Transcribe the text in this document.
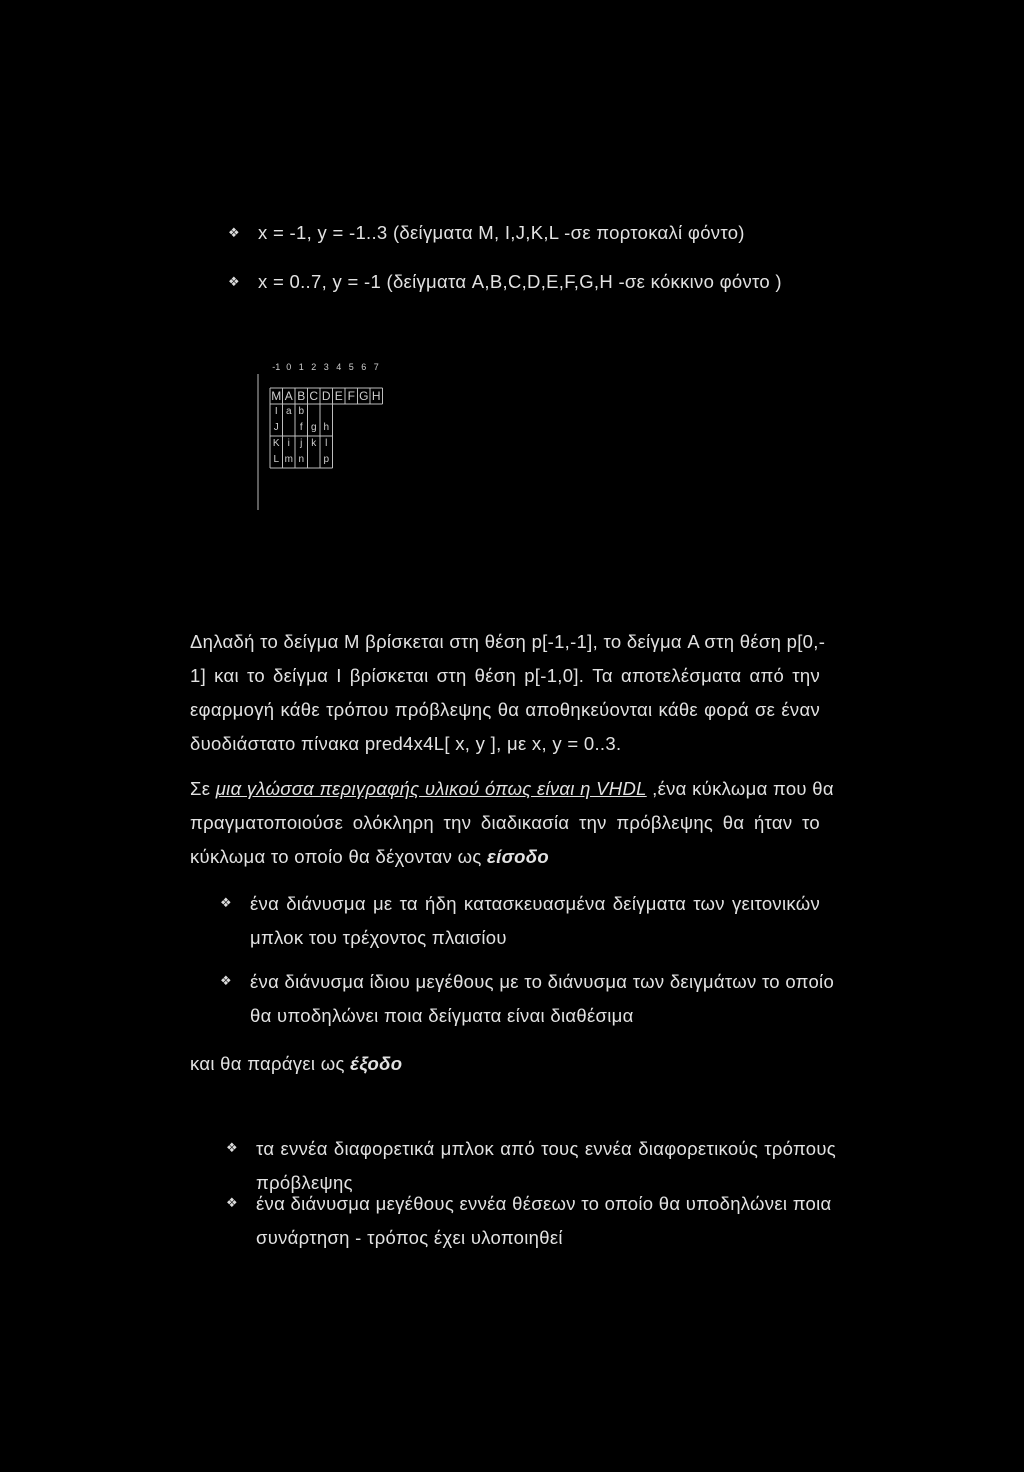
❖ x = -1, y = -1..3 (δείγματα M, I,J,K,L -σε πορτοκαλί φόντο)
❖ x = 0..7, y = -1 (δείγματα A,B,C,D,E,F,G,H -σε κόκκινο φόντο )
-1 0 1 2 3 4 5 6 7
M A B C D E F G H
I a b
J f g h
K i j k l
L m n p
Δηλαδή το δείγμα M βρίσκεται στη θέση p[-1,-1], το δείγμα A στη θέση p[0,-
1] και το δείγμα I βρίσκεται στη θέση p[-1,0]. Τα αποτελέσματα από την
εφαρμογή κάθε τρόπου πρόβλεψης θα αποθηκεύονται κάθε φορά σε έναν
δυοδιάστατο πίνακα pred4x4L[ x, y ], με x, y = 0..3.
Σε μια γλώσσα περιγραφής υλικού όπως είναι η VHDL ,ένα κύκλωμα που θα
πραγματοποιούσε ολόκληρη την διαδικασία την πρόβλεψης θα ήταν το
κύκλωμα το οποίο θα δέχονταν ως είσοδο
❖ ένα διάνυσμα με τα ήδη κατασκευασμένα δείγματα των γειτονικών
μπλοκ του τρέχοντος πλαισίου
❖ ένα διάνυσμα ίδιου μεγέθους με το διάνυσμα των δειγμάτων το οποίο
θα υποδηλώνει ποια δείγματα είναι διαθέσιμα
και θα παράγει ως έξοδο
❖ τα εννέα διαφορετικά μπλοκ από τους εννέα διαφορετικούς τρόπους
πρόβλεψης
❖ ένα διάνυσμα μεγέθους εννέα θέσεων το οποίο θα υποδηλώνει ποια
συνάρτηση - τρόπος έχει υλοποιηθεί
